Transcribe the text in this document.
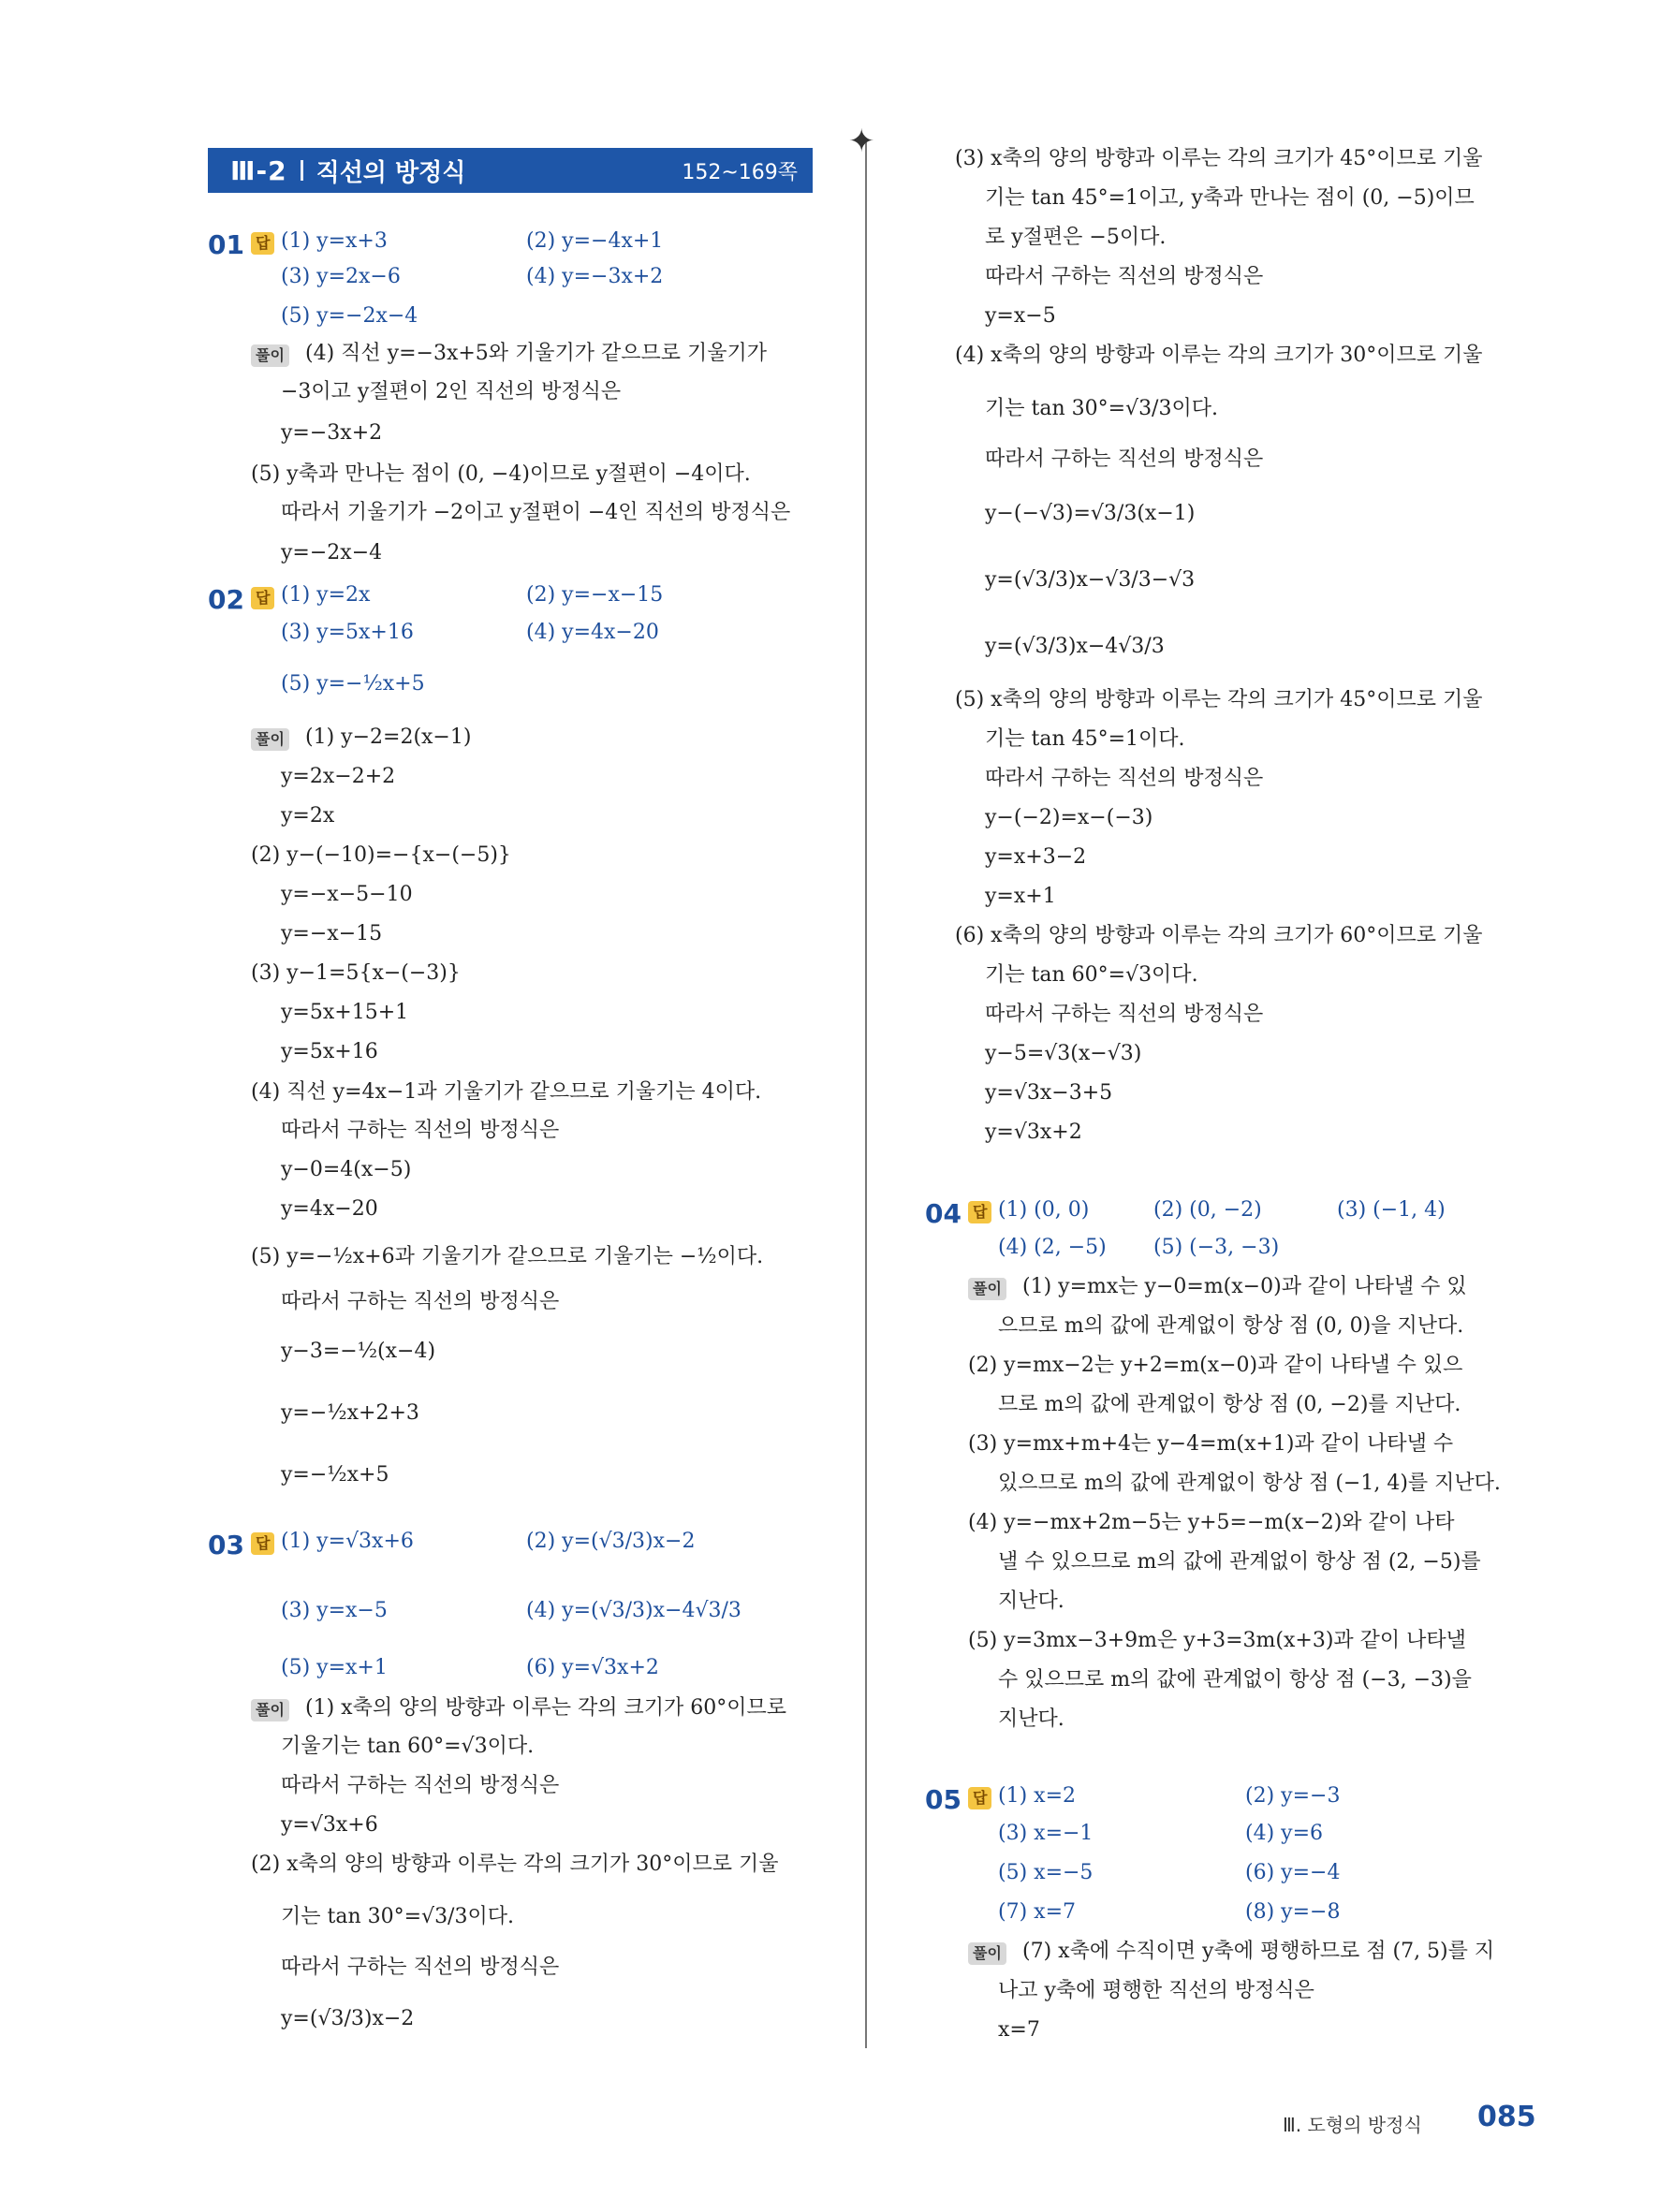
✦
Ⅲ-2 직선의 방정식	152~169쪽
01 답 (1) y=x+3	(2) y=−4x+1
(3) y=2x−6	(4) y=−3x+2
(5) y=−2x−4
풀이 (4) 직선 y=−3x+5와 기울기가 같으므로 기울기가
−3이고 y절편이 2인 직선의 방정식은
y=−3x+2
(5) y축과 만나는 점이 (0, −4)이므로 y절편이 −4이다.
따라서 기울기가 −2이고 y절편이 −4인 직선의 방정식은
y=−2x−4
02 답 (1) y=2x	(2) y=−x−15
(3) y=5x+16	(4) y=4x−20
(5) y=−½x+5
풀이 (1) y−2=2(x−1)
y=2x−2+2
y=2x
(2) y−(−10)=−{x−(−5)}
y=−x−5−10
y=−x−15
(3) y−1=5{x−(−3)}
y=5x+15+1
y=5x+16
(4) 직선 y=4x−1과 기울기가 같으므로 기울기는 4이다.
따라서 구하는 직선의 방정식은
y−0=4(x−5)
y=4x−20
(5) y=−½x+6과 기울기가 같으므로 기울기는 −½이다.
따라서 구하는 직선의 방정식은
y−3=−½(x−4)
y=−½x+2+3
y=−½x+5
03 답 (1) y=√3x+6	(2) y=(√3/3)x−2
(3) y=x−5	(4) y=(√3/3)x−4√3/3
(5) y=x+1	(6) y=√3x+2
풀이 (1) x축의 양의 방향과 이루는 각의 크기가 60°이므로
기울기는 tan 60°=√3이다.
따라서 구하는 직선의 방정식은
y=√3x+6
(2) x축의 양의 방향과 이루는 각의 크기가 30°이므로 기울
기는 tan 30°=√3/3이다.
따라서 구하는 직선의 방정식은
y=(√3/3)x−2
(3) x축의 양의 방향과 이루는 각의 크기가 45°이므로 기울
기는 tan 45°=1이고, y축과 만나는 점이 (0, −5)이므
로 y절편은 −5이다.
따라서 구하는 직선의 방정식은
y=x−5
(4) x축의 양의 방향과 이루는 각의 크기가 30°이므로 기울
기는 tan 30°=√3/3이다.
따라서 구하는 직선의 방정식은
y−(−√3)=√3/3(x−1)
y=(√3/3)x−√3/3−√3
y=(√3/3)x−4√3/3
(5) x축의 양의 방향과 이루는 각의 크기가 45°이므로 기울
기는 tan 45°=1이다.
따라서 구하는 직선의 방정식은
y−(−2)=x−(−3)
y=x+3−2
y=x+1
(6) x축의 양의 방향과 이루는 각의 크기가 60°이므로 기울
기는 tan 60°=√3이다.
따라서 구하는 직선의 방정식은
y−5=√3(x−√3)
y=√3x−3+5
y=√3x+2
04 답 (1) (0, 0)	(2) (0, −2)	(3) (−1, 4)
(4) (2, −5) (5) (−3, −3)
풀이 (1) y=mx는 y−0=m(x−0)과 같이 나타낼 수 있
으므로 m의 값에 관계없이 항상 점 (0, 0)을 지난다.
(2) y=mx−2는 y+2=m(x−0)과 같이 나타낼 수 있으
므로 m의 값에 관계없이 항상 점 (0, −2)를 지난다.
(3) y=mx+m+4는 y−4=m(x+1)과 같이 나타낼 수
있으므로 m의 값에 관계없이 항상 점 (−1, 4)를 지난다.
(4) y=−mx+2m−5는 y+5=−m(x−2)와 같이 나타
낼 수 있으므로 m의 값에 관계없이 항상 점 (2, −5)를
지난다.
(5) y=3mx−3+9m은 y+3=3m(x+3)과 같이 나타낼
수 있으므로 m의 값에 관계없이 항상 점 (−3, −3)을
지난다.
05 답 (1) x=2	(2) y=−3
(3) x=−1	(4) y=6
(5) x=−5	(6) y=−4
(7) x=7	(8) y=−8
풀이 (7) x축에 수직이면 y축에 평행하므로 점 (7, 5)를 지
나고 y축에 평행한 직선의 방정식은
x=7
Ⅲ. 도형의 방정식 085
